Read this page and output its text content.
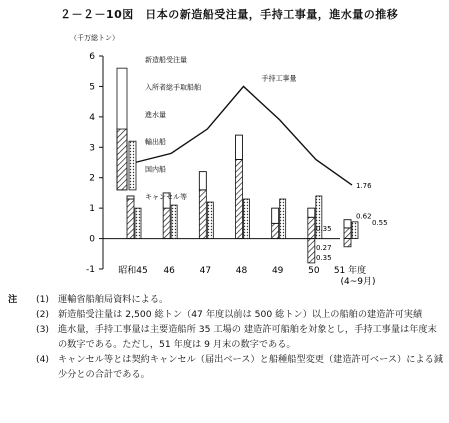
２－２－10図　日本の新造船受注量，手持工事量，進水量の推移
（千万総トン）
6
5
4
3
2
1
0
-1	昭和45 46	47	48	49	50 51 年度
(4~9月)
手持工事量
1.76
0.62
0.55
0.35
0.27
0.35
新造船受注量
入所者総手取船舶
進水量
輸出船
国内船
キャンセル等
注	(1) 運輸省船舶局資料による。
(2) 新造船受注量は 2,500 総トン（47 年度以前は 500 総トン）以上の船舶の建造許可実績
(3) 進水量，手持工事量は主要造船所 35 工場の 建造許可船舶を対象とし，手持工事量は年度末の数字である。ただし，51 年度は 9 月末の数字である。
(4) キャンセル等とは契約キャンセル（届出ベース）と船種船型変更（建造許可ベース）による減少分との合計である。
